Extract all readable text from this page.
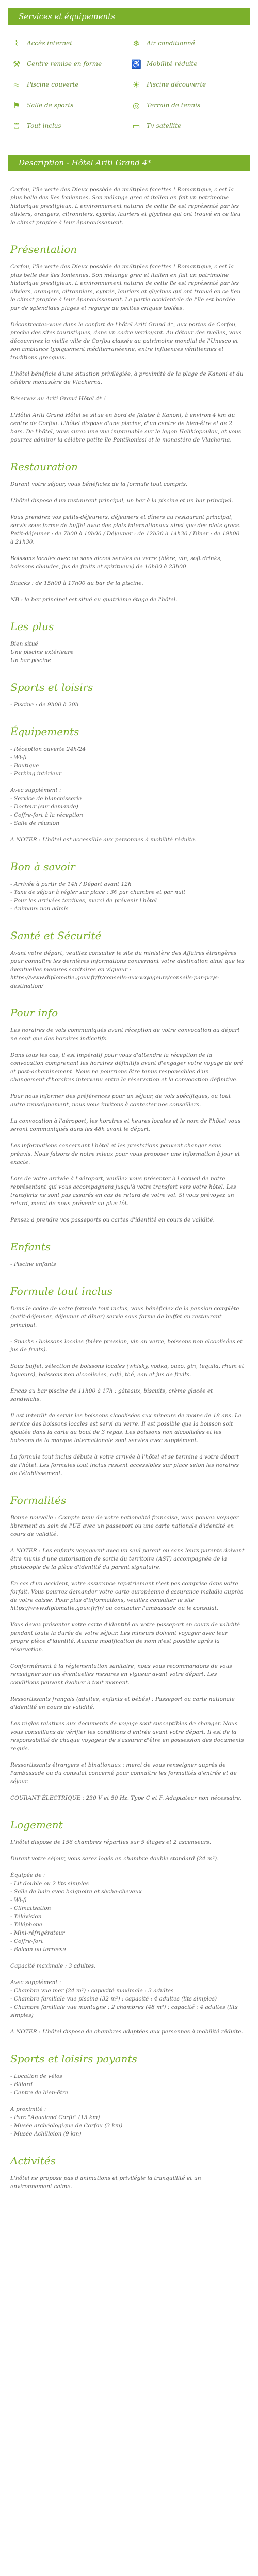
Services et équipements
⌇	Accès internet	❄	Air conditionné
⚒	Centre remise en forme	♿ Mobilité réduite
≈	Piscine couverte	☀	Piscine découverte
⚑	Salle de sports	◎	Terrain de tennis
♖	Tout inclus	▭	Tv satellite
Description - Hôtel Ariti Grand 4*

Corfou, l'île verte des Dieux possède de multiples facettes ! Romantique, c'est la plus belle des îles Ioniennes. Son mélange grec et italien en fait un patrimoine historique prestigieux. L'environnement naturel de cette île est représenté par les oliviers, orangers, citronniers, cyprès, lauriers et glycines qui ont trouvé en ce lieu le climat propice à leur épanouissement.

Présentation

Corfou, l'île verte des Dieux possède de multiples facettes ! Romantique, c'est la plus belle des îles Ioniennes. Son mélange grec et italien en fait un patrimoine historique prestigieux. L'environnement naturel de cette île est représenté par les oliviers, orangers, citronniers, cyprès, lauriers et glycines qui ont trouvé en ce lieu le climat propice à leur épanouissement. La partie occidentale de l'île est bordée par de splendides plages et regorge de petites criques isolées.

Décontractez-vous dans le confort de l'hôtel Ariti Grand 4*, aux portes de Corfou, proche des sites touristiques, dans un cadre verdoyant. Au détour des ruelles, vous découvrirez la vieille ville de Corfou classée au patrimoine mondial de l'Unesco et son ambiance typiquement méditerranéenne, entre influences vénitiennes et traditions grecques.

L'hôtel bénéficie d'une situation privilégiée, à proximité de la plage de Kanoni et du célèbre monastère de Vlacherna.

Réservez au Ariti Grand Hôtel 4* !

L'Hôtel Ariti Grand Hôtel se situe en bord de falaise à Kanoni, à environ 4 km du centre de Corfou. L'hôtel dispose d'une piscine, d'un centre de bien-être et de 2 bars. De l'hôtel, vous aurez une vue imprenable sur le lagon Halikiopoulou, et vous pourrez admirer la célèbre petite île Pontikonissi et le monastère de Vlacherna.

Restauration

Durant votre séjour, vous bénéficiez de la formule tout compris.

L'hôtel dispose d'un restaurant principal, un bar à la piscine et un bar principal.

Vous prendrez vos petits-déjeuners, déjeuners et dîners au restaurant principal, servis sous forme de buffet avec des plats internationaux ainsi que des plats grecs. Petit-déjeuner : de 7h00 à 10h00 / Déjeuner : de 12h30 à 14h30 / Dîner : de 19h00 à 21h30.

Boissons locales avec ou sans alcool servies au verre (bière, vin, soft drinks, boissons chaudes, jus de fruits et spiritueux) de 10h00 à 23h00.

Snacks : de 15h00 à 17h00 au bar de la piscine.

NB : le bar principal est situé au quatrième étage de l'hôtel.

Les plus
Bien situé
Une piscine extérieure
Un bar piscine
Sports et loisirs
- Piscine : de 9h00 à 20h
Équipements
- Réception ouverte 24h/24
- Wi-fi
- Boutique
- Parking intérieur
Avec supplément :
- Service de blanchisserie
- Docteur (sur demande)
- Coffre-fort à la réception
- Salle de réunion

A NOTER : L'hôtel est accessible aux personnes à mobilité réduite.

Bon à savoir
- Arrivée à partir de 14h / Départ avant 12h
- Taxe de séjour à régler sur place : 3€ par chambre et par nuit
- Pour les arrivées tardives, merci de prévenir l'hôtel
- Animaux non admis
Santé et Sécurité

Avant votre départ, veuillez consulter le site du ministère des Affaires étrangères pour connaître les dernières informations concernant votre destination ainsi que les éventuelles mesures sanitaires en vigueur : https://www.diplomatie.gouv.fr/fr/conseils-aux-voyageurs/conseils-par-pays-destination/

Pour info

Les horaires de vols communiqués avant réception de votre convocation au départ ne sont que des horaires indicatifs.

Dans tous les cas, il est impératif pour vous d'attendre la réception de la convocation comprenant les horaires définitifs avant d'engager votre voyage de pré et post-acheminement. Nous ne pourrions être tenus responsables d'un changement d'horaires intervenu entre la réservation et la convocation définitive.

Pour nous informer des préférences pour un séjour, de vols spécifiques, ou tout autre renseignement, nous vous invitons à contacter nos conseillers.

La convocation à l'aéroport, les horaires et heures locales et le nom de l'hôtel vous seront communiqués dans les 48h avant le départ.

Les informations concernant l'hôtel et les prestations peuvent changer sans préavis. Nous faisons de notre mieux pour vous proposer une information à jour et exacte.

Lors de votre arrivée à l'aéroport, veuillez vous présenter à l'accueil de notre représentant qui vous accompagnera jusqu'à votre transfert vers votre hôtel. Les transferts ne sont pas assurés en cas de retard de votre vol. Si vous prévoyez un retard, merci de nous prévenir au plus tôt.

Pensez à prendre vos passeports ou cartes d'identité en cours de validité.

Enfants
- Piscine enfants
Formule tout inclus

Dans le cadre de votre formule tout inclus, vous bénéficiez de la pension complète (petit-déjeuner, déjeuner et dîner) servie sous forme de buffet au restaurant principal.

- Snacks : boissons locales (bière pression, vin au verre, boissons non alcoolisées et jus de fruits).

Sous buffet, sélection de boissons locales (whisky, vodka, ouzo, gin, tequila, rhum et liqueurs), boissons non alcoolisées, café, thé, eau et jus de fruits.

Encas au bar piscine de 11h00 à 17h : gâteaux, biscuits, crème glacée et sandwichs.

Il est interdit de servir les boissons alcoolisées aux mineurs de moins de 18 ans. Le service des boissons locales est servi au verre. Il est possible que la boisson soit ajoutée dans la carte au bout de 3 repas. Les boissons non alcoolisées et les boissons de la marque internationale sont servies avec supplément.

La formule tout inclus débute à votre arrivée à l'hôtel et se termine à votre départ de l'hôtel. Les formules tout inclus restent accessibles sur place selon les horaires de l'établissement.

Formalités

Bonne nouvelle : Compte tenu de votre nationalité française, vous pouvez voyager librement au sein de l'UE avec un passeport ou une carte nationale d'identité en cours de validité.

A NOTER : Les enfants voyageant avec un seul parent ou sans leurs parents doivent être munis d'une autorisation de sortie du territoire (AST) accompagnée de la photocopie de la pièce d'identité du parent signataire.

En cas d'un accident, votre assurance rapatriement n'est pas comprise dans votre forfait. Vous pourrez demander votre carte européenne d'assurance maladie auprès de votre caisse. Pour plus d'informations, veuillez consulter le site https://www.diplomatie.gouv.fr/fr/ ou contacter l'ambassade ou le consulat.

Vous devez présenter votre carte d'identité ou votre passeport en cours de validité pendant toute la durée de votre séjour. Les mineurs doivent voyager avec leur propre pièce d'identité. Aucune modification de nom n'est possible après la réservation.

Conformément à la réglementation sanitaire, nous vous recommandons de vous renseigner sur les éventuelles mesures en vigueur avant votre départ. Les conditions peuvent évoluer à tout moment.

Ressortissants français (adultes, enfants et bébés) : Passeport ou carte nationale d'identité en cours de validité.

Les règles relatives aux documents de voyage sont susceptibles de changer. Nous vous conseillons de vérifier les conditions d'entrée avant votre départ. Il est de la responsabilité de chaque voyageur de s'assurer d'être en possession des documents requis.

Ressortissants étrangers et binationaux : merci de vous renseigner auprès de l'ambassade ou du consulat concerné pour connaître les formalités d'entrée et de séjour.

COURANT ÉLECTRIQUE : 230 V et 50 Hz. Type C et F. Adaptateur non nécessaire.

Logement

L'hôtel dispose de 156 chambres réparties sur 5 étages et 2 ascenseurs.

Durant votre séjour, vous serez logés en chambre double standard (24 m²).

Équipée de :
- Lit double ou 2 lits simples
- Salle de bain avec baignoire et sèche-cheveux
- Wi-fi
- Climatisation
- Télévision
- Téléphone
- Mini-réfrigérateur
- Coffre-fort
- Balcon ou terrasse

Capacité maximale : 3 adultes.

Avec supplément :
- Chambre vue mer (24 m²) : capacité maximale : 3 adultes
- Chambre familiale vue piscine (32 m²) : capacité : 4 adultes (lits simples)
- Chambre familiale vue montagne : 2 chambres (48 m²) : capacité : 4 adultes (lits simples)

A NOTER : L'hôtel dispose de chambres adaptées aux personnes à mobilité réduite.

Sports et loisirs payants
- Location de vélos
- Billard
- Centre de bien-être
A proximité :
- Parc "Aqualand Corfu" (13 km)
- Musée archéologique de Corfou (3 km)
- Musée Achilleion (9 km)
Activités

L'hôtel ne propose pas d'animations et privilégie la tranquillité et un environnement calme.
